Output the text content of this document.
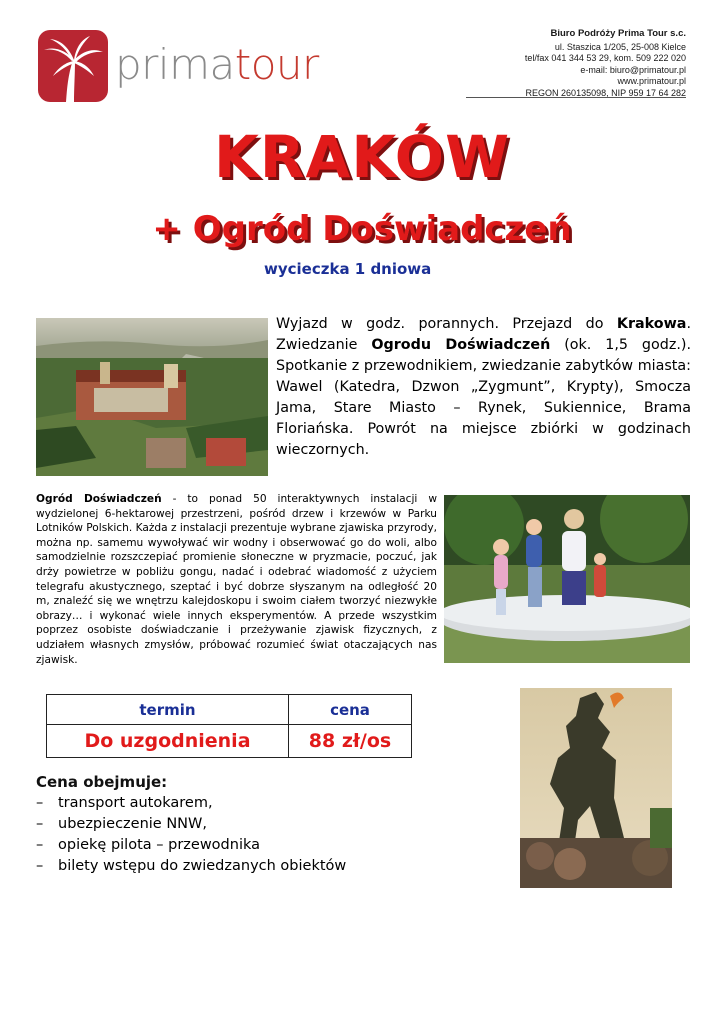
primatour
Biuro Podróży Prima Tour s.c.
ul. Staszica 1/205, 25-008 Kielce
tel/fax 041 344 53 29, kom. 509 222 020
e-mail: biuro@primatour.pl
www.primatour.pl
REGON 260135098, NIP 959 17 64 282
KRAKÓW
+ Ogród Doświadczeń
wycieczka 1 dniowa
Wyjazd w godz. porannych. Przejazd do Krakowa. Zwiedzanie Ogrodu Doświadczeń (ok. 1,5 godz.). Spotkanie z przewodnikiem, zwiedzanie zabytków miasta: Wawel (Katedra, Dzwon „Zygmunt”, Krypty), Smocza Jama, Stare Miasto – Rynek, Sukiennice, Brama Floriańska. Powrót na miejsce zbiórki w godzinach wieczornych.
Ogród Doświadczeń - to ponad 50 interaktywnych instalacji w wydzielonej 6-hektarowej przestrzeni, pośród drzew i krzewów w Parku Lotników Polskich. Każda z instalacji prezentuje wybrane zjawiska przyrody, można np. samemu wywoływać wir wodny i obserwować go do woli, albo samodzielnie rozszczepiać promienie słoneczne w pryzmacie, poczuć, jak drży powietrze w pobliżu gongu, nadać i odebrać wiadomość z użyciem telegrafu akustycznego, szeptać i być dobrze słyszanym na odległość 20 m, znaleźć się we wnętrzu kalejdoskopu i swoim ciałem tworzyć niezwykłe obrazy… i wykonać wiele innych eksperymentów. A przede wszystkim poprzez osobiste doświadczanie i przeżywanie zjawisk fizycznych, z udziałem własnych zmysłów, próbować rozumieć świat otaczających nas zjawisk.
termin	cena
Do uzgodnienia	88 zł/os
Cena obejmuje:
– transport autokarem,
– ubezpieczenie NNW,
– opiekę pilota – przewodnika
– bilety wstępu do zwiedzanych obiektów
